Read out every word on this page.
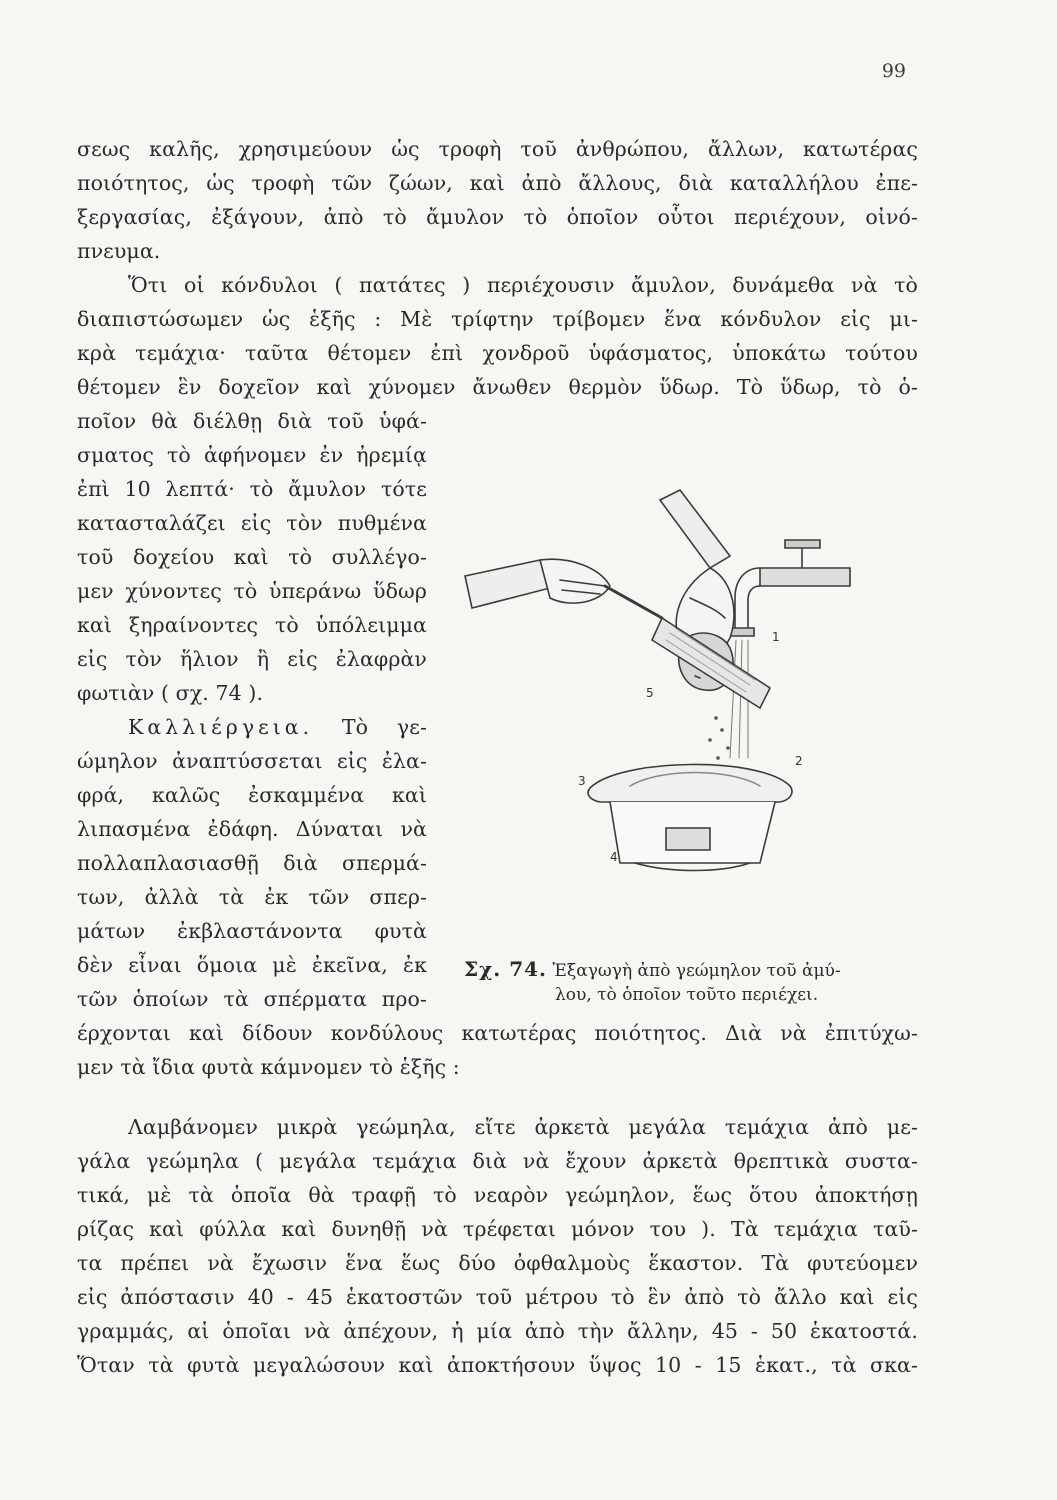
99
σεως καλῆς, χρησιμεύουν ὡς τροφὴ τοῦ ἀνθρώπου, ἄλλων, κατωτέρας
ποιότητος, ὡς τροφὴ τῶν ζώων, καὶ ἀπὸ ἄλλους, διὰ καταλλήλου ἐπε-
ξεργασίας, ἐξάγουν, ἀπὸ τὸ ἄμυλον τὸ ὁποῖον οὗτοι περιέχουν, οἰνό-
πνευμα.
Ὅτι οἱ κόνδυλοι ( πατάτες ) περιέχουσιν ἄμυλον, δυνάμεθα νὰ τὸ
διαπιστώσωμεν ὡς ἑξῆς : Μὲ τρίφτην τρίβομεν ἕνα κόνδυλον εἰς μι-
κρὰ τεμάχια· ταῦτα θέτομεν ἐπὶ χονδροῦ ὑφάσματος, ὑποκάτω τούτου
θέτομεν ἓν δοχεῖον καὶ χύνομεν ἄνωθεν θερμὸν ὕδωρ. Τὸ ὕδωρ, τὸ ὁ-
ποῖον θὰ διέλθῃ διὰ τοῦ ὑφά-
σματος τὸ ἀφήνομεν ἐν ἠρεμίᾳ
ἐπὶ 10 λεπτά· τὸ ἄμυλον τότε
κατασταλάζει εἰς τὸν πυθμένα
τοῦ δοχείου καὶ τὸ συλλέγο-
μεν χύνοντες τὸ ὑπεράνω ὕδωρ
καὶ ξηραίνοντες τὸ ὑπόλειμμα
εἰς τὸν ἥλιον ἢ εἰς ἐλαφρὰν
φωτιὰν ( σχ. 74 ).
Καλλιέργεια. Τὸ γε-
ώμηλον ἀναπτύσσεται εἰς ἐλα-
φρά, καλῶς ἐσκαμμένα καὶ
λιπασμένα ἐδάφη. Δύναται νὰ
πολλαπλασιασθῇ διὰ σπερμά-
των, ἀλλὰ τὰ ἐκ τῶν σπερ-
μάτων ἐκβλαστάνοντα φυτὰ
δὲν εἶναι ὅμοια μὲ ἐκεῖνα, ἐκ
τῶν ὁποίων τὰ σπέρματα προ-
έρχονται καὶ δίδουν κονδύλους κατωτέρας ποιότητος. Διὰ νὰ ἐπιτύχω-
μεν τὰ ἴδια φυτὰ κάμνομεν τὸ ἑξῆς :
Λαμβάνομεν μικρὰ γεώμηλα, εἴτε ἀρκετὰ μεγάλα τεμάχια ἀπὸ με-
γάλα γεώμηλα ( μεγάλα τεμάχια διὰ νὰ ἔχουν ἀρκετὰ θρεπτικὰ συστα-
τικά, μὲ τὰ ὁποῖα θὰ τραφῇ τὸ νεαρὸν γεώμηλον, ἕως ὅτου ἀποκτήσῃ
ρίζας καὶ φύλλα καὶ δυνηθῇ νὰ τρέφεται μόνον του ). Τὰ τεμάχια ταῦ-
τα πρέπει νὰ ἔχωσιν ἕνα ἕως δύο ὀφθαλμοὺς ἕκαστον. Τὰ φυτεύομεν
εἰς ἀπόστασιν 40 - 45 ἑκατοστῶν τοῦ μέτρου τὸ ἓν ἀπὸ τὸ ἄλλο καὶ εἰς
γραμμάς, αἱ ὁποῖαι νὰ ἀπέχουν, ἡ μία ἀπὸ τὴν ἄλλην, 45 - 50 ἑκατοστά.
Ὅταν τὰ φυτὰ μεγαλώσουν καὶ ἀποκτήσουν ὕψος 10 - 15 ἑκατ., τὰ σκα-
1
2
3
4
5
Σχ. 74. Ἐξαγωγὴ ἀπὸ γεώμηλον τοῦ ἀμύ-
λου, τὸ ὁποῖον τοῦτο περιέχει.
